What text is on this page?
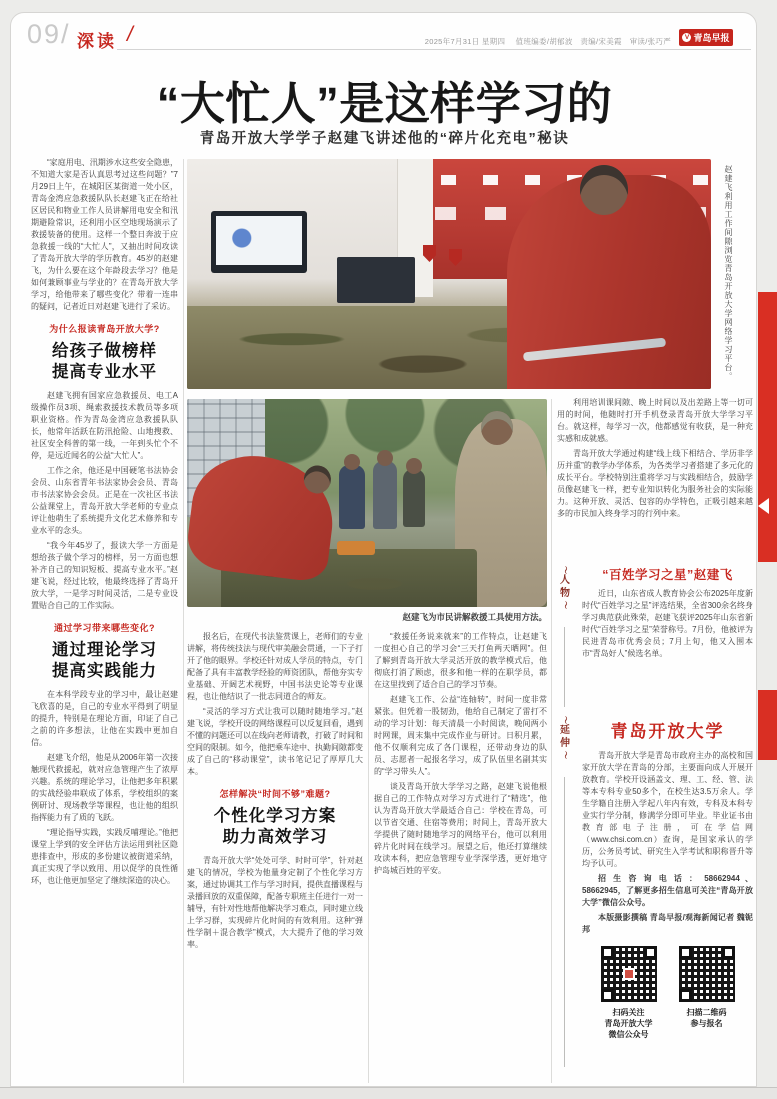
09/ 深读 /	2025年7月31日 星期四 值班编委/胡郁波　责编/宋美霞　审读/张巧严	V 青岛早报
“大忙人”是这样学习的
青岛开放大学学子赵建飞讲述他的“碎片化充电”秘诀

“家庭用电、汛期涉水这些安全隐患，不知道大家是否认真思考过这些问题？”7月29日上午，在城阳区某街道一处小区，青岛金湾应急救援队队长赵建飞正在给社区居民和物业工作人员讲解用电安全和汛期避险常识，还利用小区空地现场演示了救援装备的使用。这样一个整日奔波于应急救援一线的“大忙人”，又抽出时间攻读了青岛开放大学的学历教育。45岁的赵建飞，为什么要在这个年龄段去学习？他是如何兼顾事业与学业的？在青岛开放大学学习，给他带来了哪些变化？带着一连串的疑问，记者近日对赵建飞进行了采访。

为什么报读青岛开放大学?
给孩子做榜样
提高专业水平

赵建飞拥有国家应急救援员、电工A级操作员3项、绳索救援技术教员等多项职业资格。作为青岛金湾应急救援队队长，他常年活跃在防汛抢险、山地搜救、社区安全科普的第一线，一年到头忙个不停，是远近闻名的公益“大忙人”。

工作之余，他还是中国硬笔书法协会会员、山东省青年书法家协会会员、青岛市书法家协会会员。正是在一次社区书法公益课堂上，青岛开放大学老师的专业点评让他萌生了系统提升文化艺术修养和专业水平的念头。

“我今年45岁了，报读大学一方面是想给孩子做个学习的榜样，另一方面也想补齐自己的知识短板、提高专业水平。”赵建飞说，经过比较，他最终选择了青岛开放大学，一是学习时间灵活，二是专业设置贴合自己的工作实际。

通过学习带来哪些变化?
通过理论学习
提高实践能力

在本科学段专业的学习中，最让赵建飞欣喜的是，自己的专业水平得到了明显的提升，特别是在理论方面，印证了自己之前的许多想法，让他在实践中更加自信。

赵建飞介绍，他是从2006年第一次接触现代救援起，就对应急管理产生了浓厚兴趣。系统的理论学习，让他把多年积累的实战经验串联成了体系，学校组织的案例研讨、现场教学等课程，也让他的组织指挥能力有了质的飞跃。

“理论指导实践，实践反哺理论。”他把课堂上学到的安全评估方法运用到社区隐患排查中，形成的多份建议被街道采纳，真正实现了学以致用、用以促学的良性循环，也让他更加坚定了继续深造的决心。

赵建飞利用工作间隙浏览青岛开放大学网络学习平台。
赵建飞为市民讲解救援工具使用方法。

利用培训课间隙、晚上时间以及出差路上等一切可用的时间，他随时打开手机登录青岛开放大学学习平台。就这样，每学习一次，他都感觉有收获，是一种充实感和成就感。

青岛开放大学通过构建“线上线下相结合、学历非学历并重”的教学办学体系，为各类学习者搭建了多元化的成长平台。学校特别注重将学习与实践相结合，鼓励学员像赵建飞一样，把专业知识转化为服务社会的实际能力。这种开放、灵活、包容的办学特色，正吸引越来越多的市民加入终身学习的行列中来。

报名后，在现代书法鉴赏课上，老师们的专业讲解，将传统技法与现代审美融会贯通，一下子打开了他的眼界。学校还针对成人学员的特点，专门配备了具有丰富教学经验的师资团队，帮他夯实专业基础、开阔艺术视野，中国书法史论等专业课程，也让他结识了一批志同道合的师友。

“灵活的学习方式让我可以随时随地学习。”赵建飞说，学校开设的网络课程可以反复回看，遇到不懂的问题还可以在线向老师请教，打破了时间和空间的限制。如今，他把乘车途中、执勤间隙都变成了自己的“移动课堂”，读书笔记记了厚厚几大本。

怎样解决“时间不够”难题?
个性化学习方案
助力高效学习

青岛开放大学“处处可学、时时可学”，针对赵建飞的情况，学校为他量身定制了个性化学习方案，通过协调其工作与学习时间，提供直播课程与录播回放的双重保障，配备专职班主任进行一对一辅导，有针对性地帮他解决学习难点，同时建立线上学习群，实现碎片化时间的有效利用。这种“弹性学制＋混合教学”模式，大大提升了他的学习效率。

“救援任务说来就来”的工作特点，让赵建飞一度担心自己的学习会“三天打鱼两天晒网”。但了解到青岛开放大学灵活开放的教学模式后，他彻底打消了顾虑，很多和他一样的在职学员，都在这里找到了适合自己的学习节奏。

赵建飞工作、公益“连轴转”，时间一度非常紧张。但凭着一股韧劲，他给自己制定了雷打不动的学习计划：每天清晨一小时阅读，晚间两小时网课，周末集中完成作业与研讨。日积月累，他不仅顺利完成了各门课程，还带动身边的队员、志愿者一起报名学习，成了队伍里名副其实的“学习带头人”。

谈及青岛开放大学学习之路，赵建飞说他根据自己的工作特点对学习方式进行了“精选”，他认为青岛开放大学最适合自己：学校在青岛，可以节省交通、住宿等费用；时间上，青岛开放大学提供了随时随地学习的网络平台，他可以利用碎片化时间在线学习。展望之后，他还打算继续攻读本科，把应急管理专业学深学透，更好地守护岛城百姓的平安。

〜
人物
〜
“百姓学习之星”赵建飞

近日，山东省成人教育协会公布2025年度新时代“百姓学习之星”评选结果，全省300余名终身学习典范获此殊荣，赵建飞获评2025年山东省新时代“百姓学习之星”荣誉称号。7月份，他被评为民进青岛市优秀会员；7月上旬，他又入围本市“青岛好人”候选名单。

〜
延伸
〜
青岛开放大学

青岛开放大学是青岛市政府主办的高校和国家开放大学在青岛的分部，主要面向成人开展开放教育。学校开设涵盖文、理、工、经、管、法等本专科专业50多个，在校生达3.5万余人。学生学籍自注册入学起八年内有效，专科及本科专业实行学分制，修满学分即可毕业。毕业证书由教育部电子注册，可在学信网（www.chsi.com.cn）查询，是国家承认的学历，公务员考试、研究生入学考试和职称晋升等均予认可。

招生咨询电话：58662944、58662945，了解更多招生信息可关注“青岛开放大学”微信公众号。

本版摄影撰稿 青岛早报/观海新闻记者 魏铌邦

扫码关注
青岛开放大学
微信公众号
扫描二维码
参与报名
